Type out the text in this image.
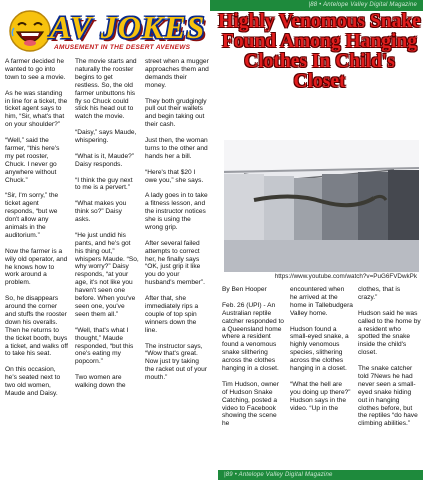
|88 • Antelope Valley Digital Magazine
AV JOKES
AMUSEMENT IN THE DESERT AVENEWS

A farmer decided he wanted to go into town to see a movie.

As he was standing in line for a ticket, the ticket agent says to him, “Sir, what's that on your shoulder?”

“Well,” said the farmer, “this here's my pet rooster, Chuck. I never go anywhere without Chuck.”

“Sir, I'm sorry,” the ticket agent responds, “but we don't allow any animals in the auditorium.”

Now the farmer is a wily old operator, and he knows how to work around a problem.

So, he disappears around the corner and stuffs the rooster down his overalls. Then he returns to the ticket booth, buys a ticket, and walks off to take his seat.

On this occasion, he's seated next to two old women, Maude and Daisy.

The movie starts and naturally the rooster begins to get restless. So, the old farmer unbuttons his fly so Chuck could stick his head out to watch the movie.

“Daisy,” says Maude, whispering.

“What is it, Maude?” Daisy responds.

“I think the guy next to me is a pervert.”

“What makes you think so?” Daisy asks.

“He just undid his pants, and he's got his thing out,” whispers Maude. “So, why worry?” Daisy responds, “at your age, it's not like you haven't seen one before. When you've seen one, you've seen them all.”

“Well, that's what I thought,” Maude responded, “but this one's eating my popcorn.”

Two women are walking down the

street when a mugger approaches them and demands their money.

They both grudgingly pull out their wallets and begin taking out their cash.

Just then, the woman turns to the other and hands her a bill.

“Here's that $20 I owe you,” she says.

A lady goes in to take a fitness lesson, and the instructor notices she is using the wrong grip.

After several failed attempts to correct her, he finally says “OK, just grip it like you do your husband's member”.

After that, she immediately rips a couple of top spin winners down the line.

The instructor says, “Wow that's great. Now just try taking the racket out of your mouth.”

Highly Venomous Snake Found Among Hanging Clothes In Child's Closet
https://www.youtube.com/watch?v=PuG6FVDwkPk

By Ben Hooper

Feb. 26 (UPI) - An Australian reptile catcher responded to a Queensland home where a resident found a venomous snake slithering across the clothes hanging in a closet.

Tim Hudson, owner of Hudson Snake Catching, posted a video to Facebook showing the scene he

encountered when he arrived at the home in Tallebudgera Valley home.

Hudson found a small-eyed snake, a highly venomous species, slithering across the clothes hanging in a closet.

“What the hell are you doing up there?” Hudson says in the video. “Up in the

clothes, that is crazy.”

Hudson said he was called to the home by a resident who spotted the snake inside the child's closet.

The snake catcher told 7News he had never seen a small-eyed snake hiding out in hanging clothes before, but the reptiles “do have climbing abilities.”

|89 • Antelope Valley Digital Magazine
